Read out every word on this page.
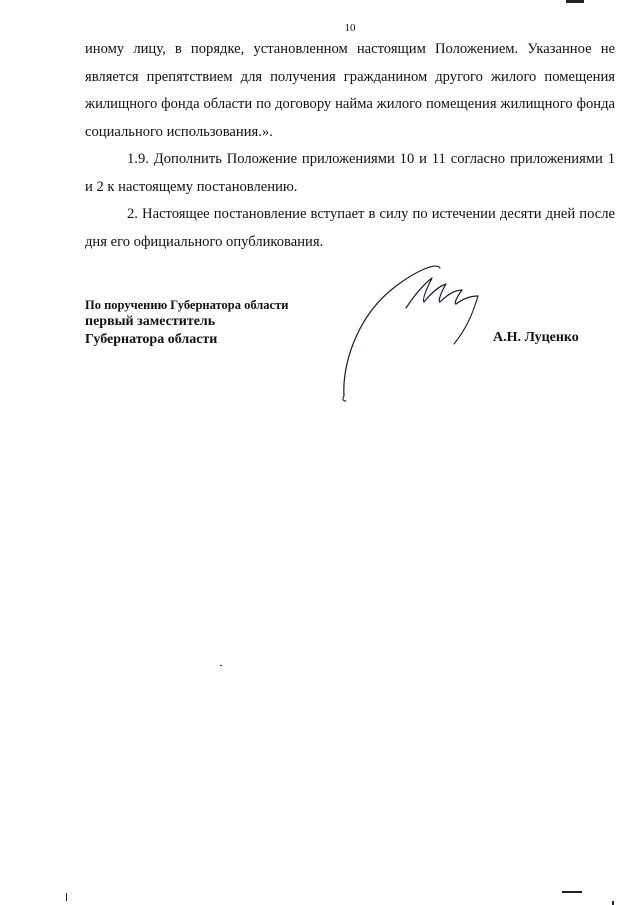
10

иному лицу, в порядке, установленном настоящим Положением. Указанное не является препятствием для получения гражданином другого жилого помещения жилищного фонда области по договору найма жилого помещения жилищного фонда социального использования.».

1.9. Дополнить Положение приложениями 10 и 11 согласно приложениями 1 и 2 к настоящему постановлению.

2. Настоящее постановление вступает в силу по истечении десяти дней после дня его официального опубликования.

По поручению Губернатора области
первый заместитель
Губернатора области	А.Н. Луценко
